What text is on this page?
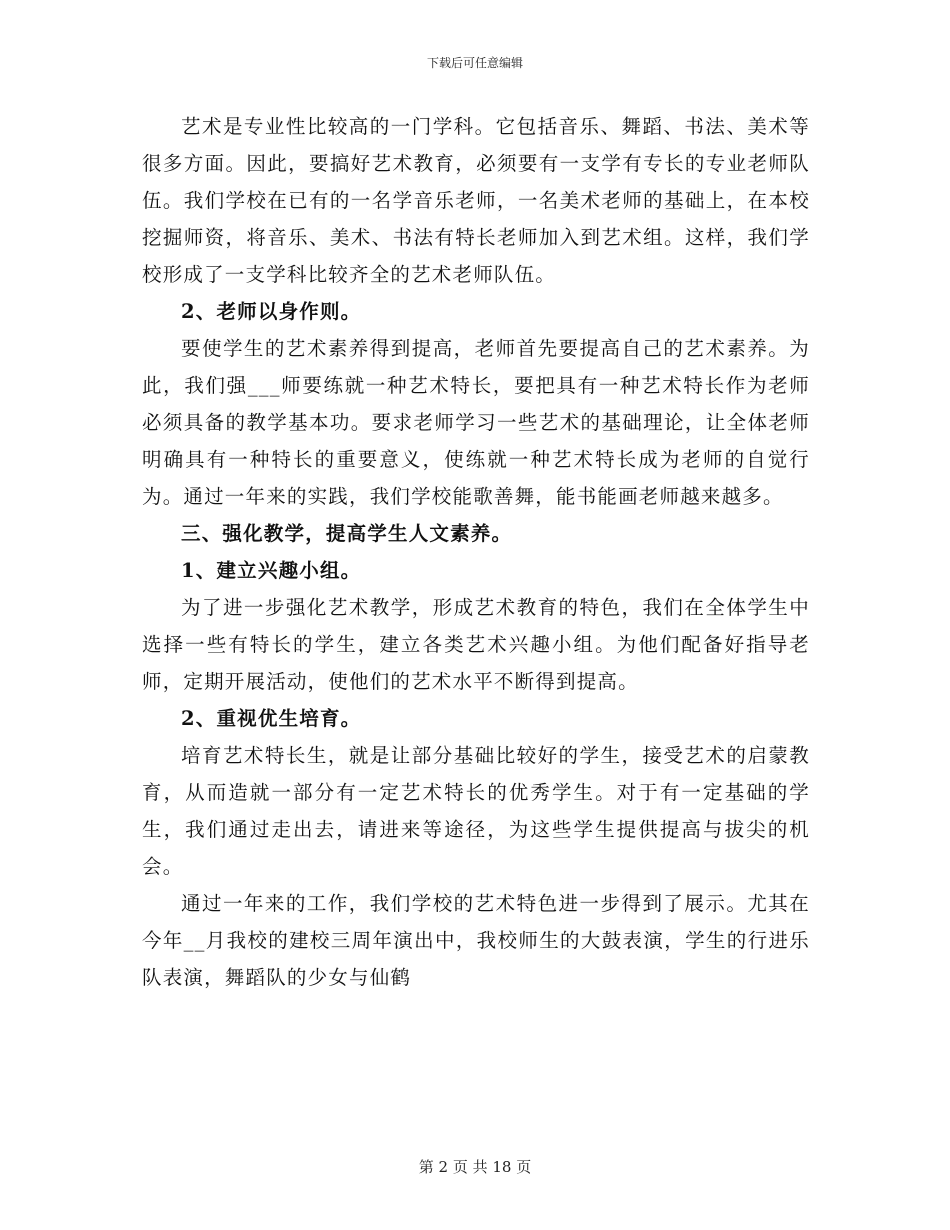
下载后可任意编辑

艺术是专业性比较高的一门学科。它包括音乐、舞蹈、书法、美术等很多方面。因此，要搞好艺术教育，必须要有一支学有专长的专业老师队伍。我们学校在已有的一名学音乐老师，一名美术老师的基础上，在本校挖掘师资，将音乐、美术、书法有特长老师加入到艺术组。这样，我们学校形成了一支学科比较齐全的艺术老师队伍。

2、老师以身作则。

要使学生的艺术素养得到提高，老师首先要提高自己的艺术素养。为此，我们强___师要练就一种艺术特长，要把具有一种艺术特长作为老师必须具备的教学基本功。要求老师学习一些艺术的基础理论，让全体老师明确具有一种特长的重要意义，使练就一种艺术特长成为老师的自觉行为。通过一年来的实践，我们学校能歌善舞，能书能画老师越来越多。

三、强化教学，提高学生人文素养。

1、建立兴趣小组。

为了进一步强化艺术教学，形成艺术教育的特色，我们在全体学生中选择一些有特长的学生，建立各类艺术兴趣小组。为他们配备好指导老师，定期开展活动，使他们的艺术水平不断得到提高。

2、重视优生培育。

培育艺术特长生，就是让部分基础比较好的学生，接受艺术的启蒙教育，从而造就一部分有一定艺术特长的优秀学生。对于有一定基础的学生，我们通过走出去，请进来等途径，为这些学生提供提高与拔尖的机会。

通过一年来的工作，我们学校的艺术特色进一步得到了展示。尤其在今年__月我校的建校三周年演出中，我校师生的大鼓表演，学生的行进乐队表演，舞蹈队的少女与仙鹤

第 2 页 共 18 页
